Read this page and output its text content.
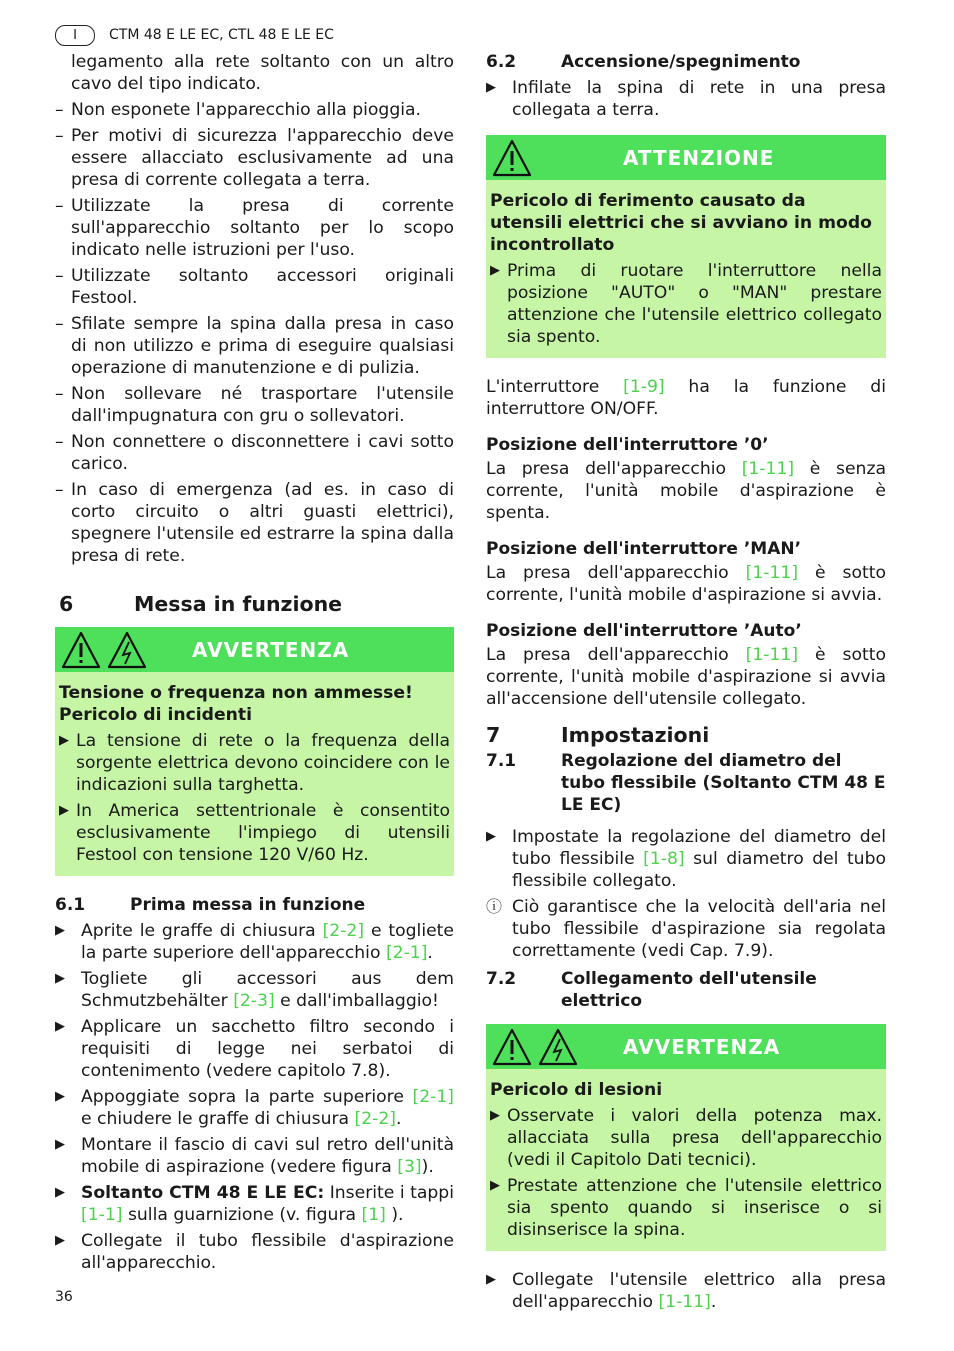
I	CTM 48 E LE EC, CTL 48 E LE EC
legamento alla rete soltanto con un altro cavo del tipo indicato.
– Non esponete l'apparecchio alla pioggia.
– Per motivi di sicurezza l'apparecchio deve essere allacciato esclusivamente ad una presa di corrente collegata a terra.
– Utilizzate la presa di corrente sull'apparecchio soltanto per lo scopo indicato nelle istruzioni per l'uso.
– Utilizzate soltanto accessori originali Festool.
– Sfilate sempre la spina dalla presa in caso di non utilizzo e prima di eseguire qualsiasi operazione di manutenzione e di pulizia.
– Non sollevare né trasportare l'utensile dall'impugnatura con gru o sollevatori.
– Non connettere o disconnettere i cavi sotto carico.
– In caso di emergenza (ad es. in caso di corto circuito o altri guasti elettrici), spegnere l'utensile ed estrarre la spina dalla presa di rete.
6	Messa in funzione
AVVERTENZA

Tensione o frequenza non ammesse!

Pericolo di incidenti

▶ La tensione di rete o la frequenza della sorgente elettrica devono coincidere con le indicazioni sulla targhetta.
▶ In America settentrionale è consentito esclusivamente l'impiego di utensili Festool con tensione 120 V/60 Hz.
6.1	Prima messa in funzione
▶ Aprite le graffe di chiusura [2-2] e togliete la parte superiore dell'apparecchio [2-1].
▶ Togliete gli accessori aus dem Schmutzbehälter [2-3] e dall'imballaggio!
▶ Applicare un sacchetto filtro secondo i requisiti di legge nei serbatoi di contenimento (vedere capitolo 7.8).
▶ Appoggiate sopra la parte superiore [2-1] e chiudere le graffe di chiusura [2-2].
▶ Montare il fascio di cavi sul retro dell'unità mobile di aspirazione (vedere figura [3]).
▶ Soltanto CTM 48 E LE EC: Inserite i tappi [1-1] sulla guarnizione (v. figura [1] ).
▶ Collegate il tubo flessibile d'aspirazione all'apparecchio.
6.2	Accensione/spegnimento
▶ Infilate la spina di rete in una presa collegata a terra.
ATTENZIONE

Pericolo di ferimento causato da utensili elettrici che si avviano in modo incontrollato

▶ Prima di ruotare l'interruttore nella posizione "AUTO" o "MAN" prestare attenzione che l'utensile elettrico collegato sia spento.

L'interruttore [1-9] ha la funzione di interruttore ON/OFF.

Posizione dell'interruttore ’0’

La presa dell'apparecchio [1-11] è senza corrente, l'unità mobile d'aspirazione è spenta.

Posizione dell'interruttore ’MAN’

La presa dell'apparecchio [1-11] è sotto corrente, l'unità mobile d'aspirazione si avvia.

Posizione dell'interruttore ’Auto’

La presa dell'apparecchio [1-11] è sotto corrente, l'unità mobile d'aspirazione si avvia all'accensione dell'utensile collegato.

7	Impostazioni
7.1	Regolazione del diametro del tubo flessibile (Soltanto CTM 48 E LE EC)
▶ Impostate la regolazione del diametro del tubo flessibile [1-8] sul diametro del tubo flessibile collegato.
ⓘ Ciò garantisce che la velocità dell'aria nel tubo flessibile d'aspirazione sia regolata correttamente (vedi Cap. 7.9).
7.2	Collegamento dell'utensile elettrico
AVVERTENZA

Pericolo di lesioni

▶ Osservate i valori della potenza max. allacciata sulla presa dell'apparecchio (vedi il Capitolo Dati tecnici).
▶ Prestate attenzione che l'utensile elettrico sia spento quando si inserisce o si disinserisce la spina.
▶ Collegate l'utensile elettrico alla presa dell'apparecchio [1-11].
36
